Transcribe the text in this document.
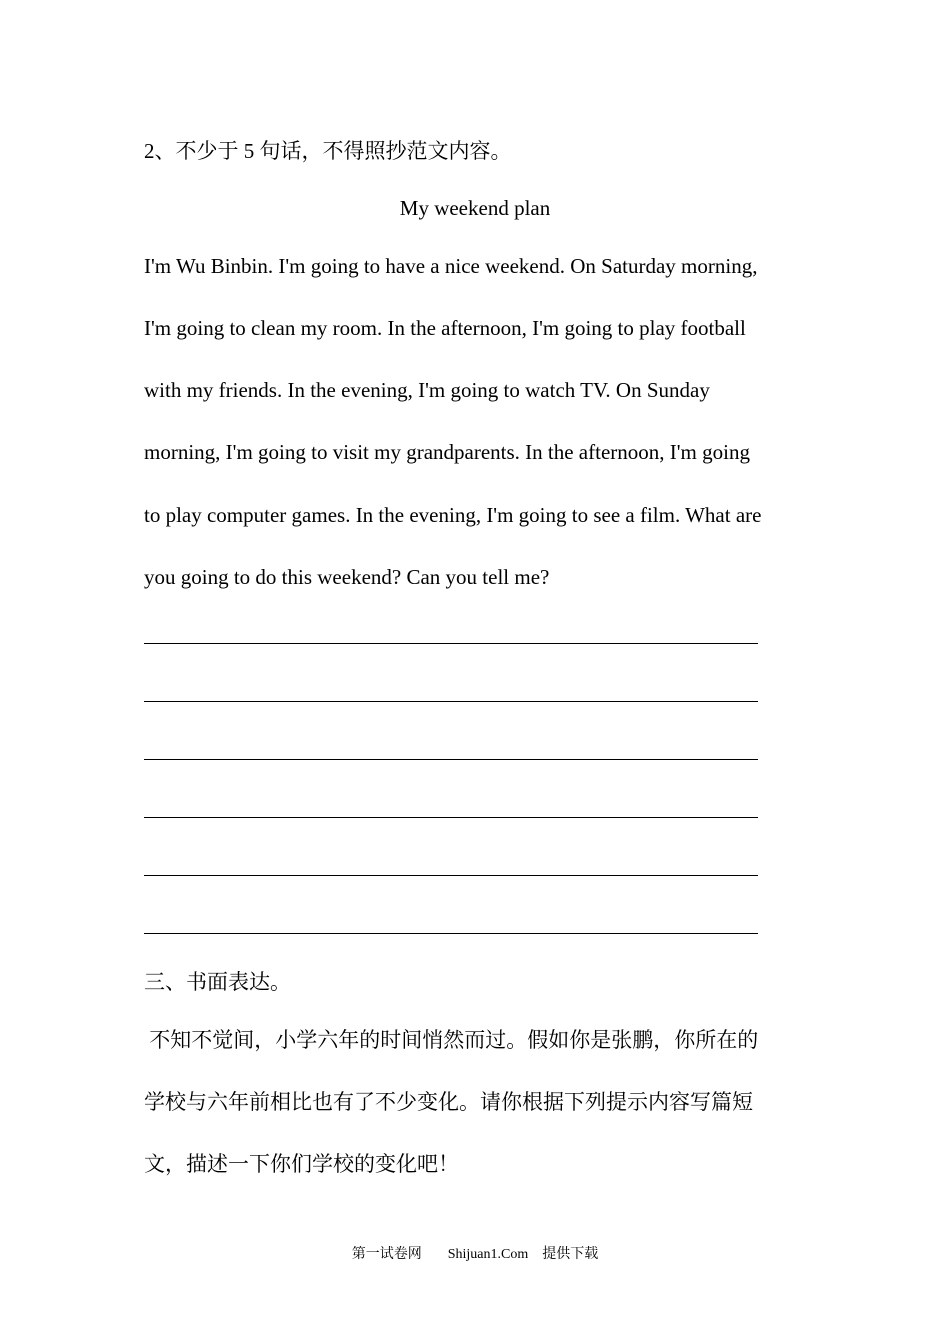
2、不少于 5 句话，不得照抄范文内容。
My weekend plan
I'm Wu Binbin. I'm going to have a nice weekend. On Saturday morning,
I'm going to clean my room. In the afternoon, I'm going to play football
with my friends. In the evening, I'm going to watch TV. On Sunday
morning, I'm going to visit my grandparents. In the afternoon, I'm going
to play computer games. In the evening, I'm going to see a film. What are
you going to do this weekend? Can you tell me?
三、书面表达。
不知不觉间，小学六年的时间悄然而过。假如你是张鹏，你所在的
学校与六年前相比也有了不少变化。请你根据下列提示内容写篇短
文，描述一下你们学校的变化吧！
第一试卷网 Shijuan1.Com 提供下载
